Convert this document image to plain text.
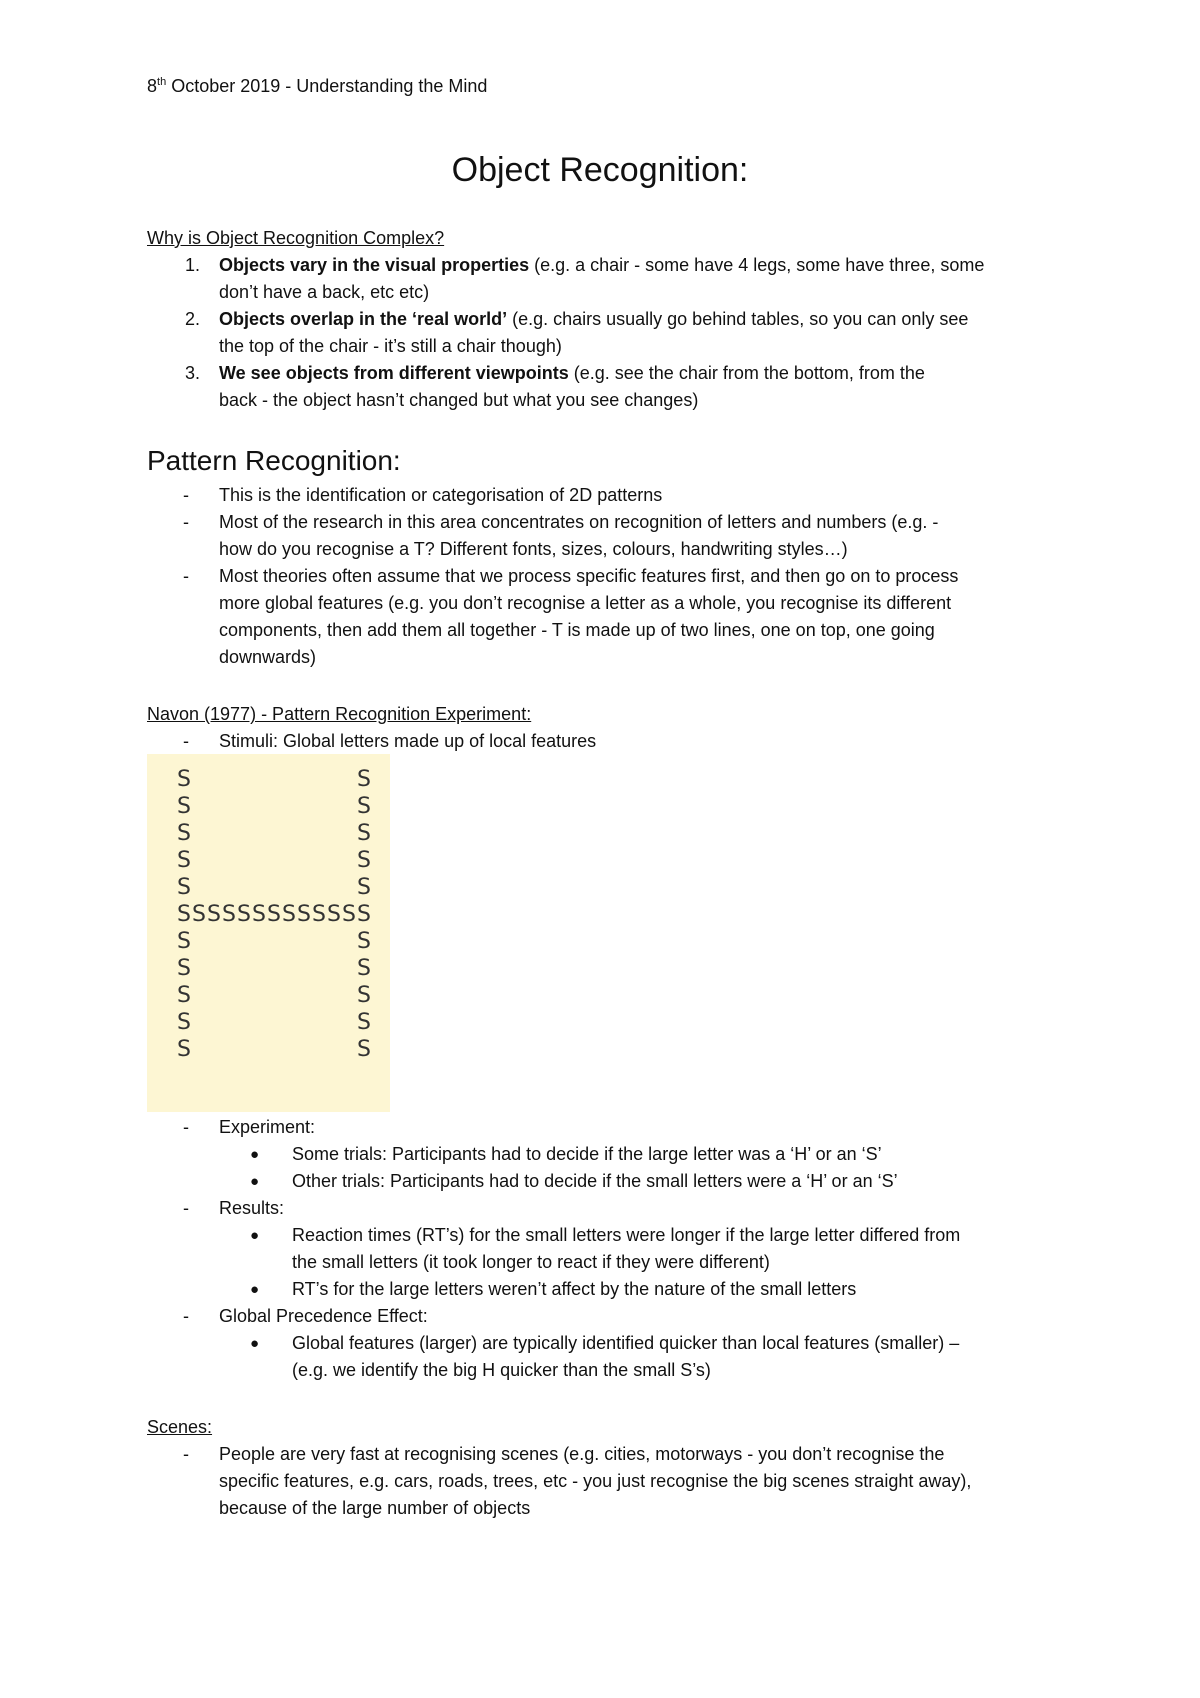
8th October 2019 - Understanding the Mind
Object Recognition:
Why is Object Recognition Complex?
1. Objects vary in the visual properties (e.g. a chair - some have 4 legs, some have three, some
don’t have a back, etc etc)
2. Objects overlap in the ‘real world’ (e.g. chairs usually go behind tables, so you can only see
the top of the chair - it’s still a chair though)
3. We see objects from different viewpoints (e.g. see the chair from the bottom, from the
back - the object hasn’t changed but what you see changes)
Pattern Recognition:
- This is the identification or categorisation of 2D patterns
- Most of the research in this area concentrates on recognition of letters and numbers (e.g. -
how do you recognise a T? Different fonts, sizes, colours, handwriting styles…)
- Most theories often assume that we process specific features first, and then go on to process
more global features (e.g. you don’t recognise a letter as a whole, you recognise its different
components, then add them all together - T is made up of two lines, one on top, one going
downwards)
Navon (1977) - Pattern Recognition Experiment:
- Stimuli: Global letters made up of local features
S	S
S	S
S	S
S	S
S	S
S S S S S S S S S S S S S
S	S
S	S
S	S
S	S
S	S
- Experiment:
● Some trials: Participants had to decide if the large letter was a ‘H’ or an ‘S’
● Other trials: Participants had to decide if the small letters were a ‘H’ or an ‘S’
- Results:
● Reaction times (RT’s) for the small letters were longer if the large letter differed from
the small letters (it took longer to react if they were different)
● RT’s for the large letters weren’t affect by the nature of the small letters
- Global Precedence Effect:
● Global features (larger) are typically identified quicker than local features (smaller) –
(e.g. we identify the big H quicker than the small S’s)
Scenes:
- People are very fast at recognising scenes (e.g. cities, motorways - you don’t recognise the
specific features, e.g. cars, roads, trees, etc - you just recognise the big scenes straight away),
because of the large number of objects
